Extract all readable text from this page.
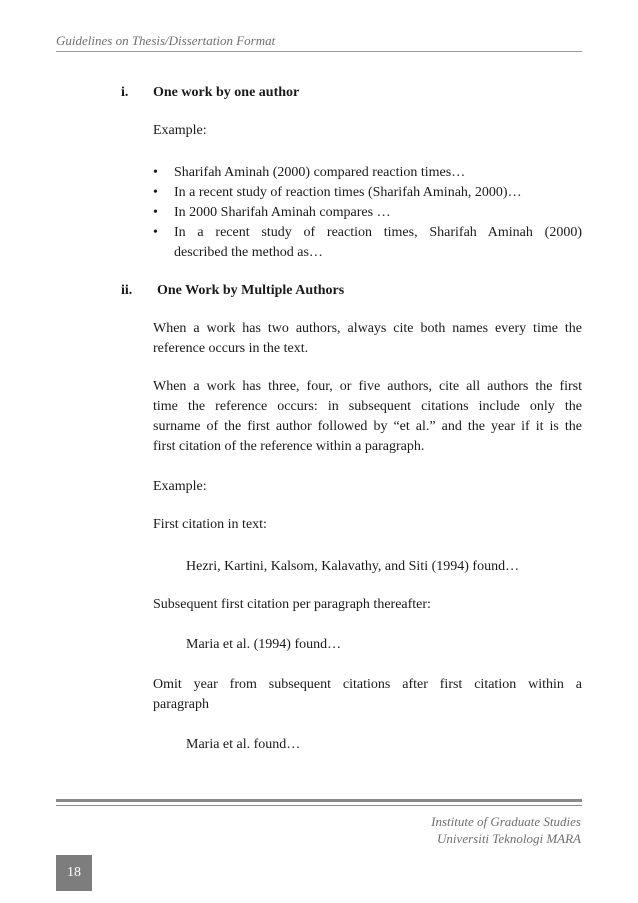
Guidelines on Thesis/Dissertation Format
i. One work by one author
Example:
• Sharifah Aminah (2000) compared reaction times…
• In a recent study of reaction times (Sharifah Aminah, 2000)…
• In 2000 Sharifah Aminah compares …
• In a recent study of reaction times, Sharifah Aminah (2000)
described the method as…
ii. One Work by Multiple Authors
When a work has two authors, always cite both names every time the
reference occurs in the text.
When a work has three, four, or five authors, cite all authors the first
time the reference occurs: in subsequent citations include only the
surname of the first author followed by “et al.” and the year if it is the
first citation of the reference within a paragraph.
Example:
First citation in text:
Hezri, Kartini, Kalsom, Kalavathy, and Siti (1994) found…
Subsequent first citation per paragraph thereafter:
Maria et al. (1994) found…
Omit year from subsequent citations after first citation within a
paragraph
Maria et al. found…
Institute of Graduate Studies
Universiti Teknologi MARA
18
